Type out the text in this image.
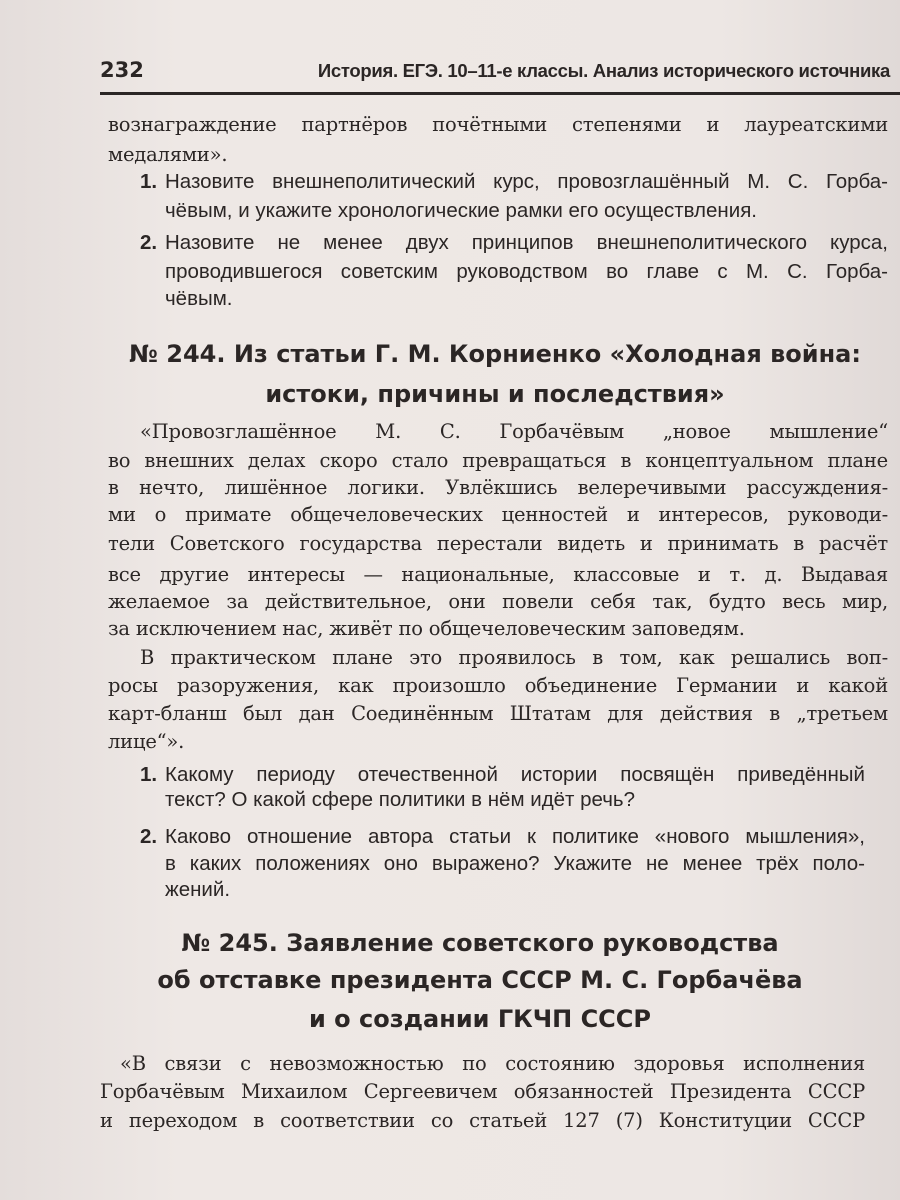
232	История. ЕГЭ. 10–11-е классы. Анализ исторического источника
вознаграждение партнёров почётными степенями и лауреатскими
медалями».
1. Назовите внешнеполитический курс, провозглашённый М. С. Горба-
чёвым, и укажите хронологические рамки его осуществления.
2. Назовите не менее двух принципов внешнеполитического курса,
проводившегося советским руководством во главе с М. С. Горба-
чёвым.
№ 244. Из статьи Г. М. Корниенко «Холодная война:
истоки, причины и последствия»
«Провозглашённое М. С. Горбачёвым „новое мышление“
во внешних делах скоро стало превращаться в концептуальном плане
в нечто, лишённое логики. Увлёкшись велеречивыми рассуждения-
ми о примате общечеловеческих ценностей и интересов, руководи-
тели Советского государства перестали видеть и принимать в расчёт
все другие интересы — национальные, классовые и т. д. Выдавая
желаемое за действительное, они повели себя так, будто весь мир,
за исключением нас, живёт по общечеловеческим заповедям.
В практическом плане это проявилось в том, как решались воп-
росы разоружения, как произошло объединение Германии и какой
карт-бланш был дан Соединённым Штатам для действия в „третьем
лице“».
1. Какому периоду отечественной истории посвящён приведённый
текст? О какой сфере политики в нём идёт речь?
2. Каково отношение автора статьи к политике «нового мышления»,
в каких положениях оно выражено? Укажите не менее трёх поло-
жений.
№ 245. Заявление советского руководства
об отставке президента СССР М. С. Горбачёва
и о создании ГКЧП СССР
«В связи с невозможностью по состоянию здоровья исполнения
Горбачёвым Михаилом Сергеевичем обязанностей Президента СССР
и переходом в соответствии со статьей 127 (7) Конституции СССР
